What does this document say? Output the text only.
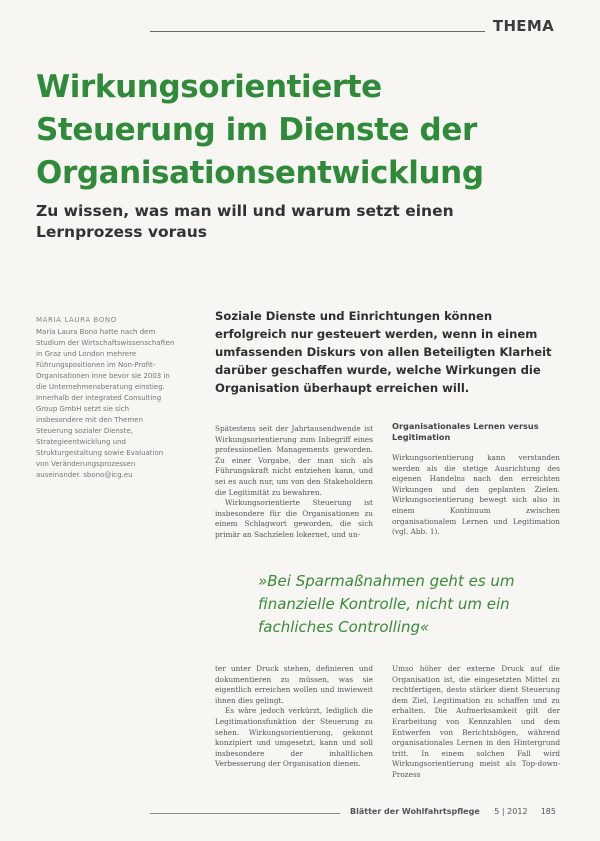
THEMA
Wirkungsorientierte Steuerung im Dienste der Organisationsentwicklung
Zu wissen, was man will und warum setzt einen Lernprozess voraus
MARIA LAURA BONO
Maria Laura Bono hatte nach dem Studium der Wirtschaftswissenschaften in Graz und London mehrere Führungspositionen im Non-Profit-Organisationen inne bevor sie 2003 in die Unternehmensberatung einstieg. Innerhalb der integrated Consulting Group GmbH setzt sie sich insbesondere mit den Themen Steuerung sozialer Dienste, Strategieentwicklung und Strukturgestaltung sowie Evaluation von Veränderungsprozessen auseinander. sbono@icg.eu

Soziale Dienste und Einrichtungen können erfolgreich nur gesteuert werden, wenn in einem umfassenden Diskurs von allen Beteiligten Klarheit darüber geschaffen wurde, welche Wirkungen die Organisation überhaupt erreichen will.

Spätestens seit der Jahrtausendwende ist Wirkungsorientierung zum Inbegriff eines professionellen Managements geworden. Zu einer Vorgabe, der man sich als Führungskraft nicht entziehen kann, und sei es auch nur, um von den Stakeholdern die Legitimität zu bewahren.

Wirkungsorientierte Steuerung ist insbesondere für die Organisationen zu einem Schlagwort geworden, die sich primär an Sachzielen lokernet, und un-

Organisationales Lernen versus Legitimation

Wirkungsorientierung kann verstanden werden als die stetige Ausrichtung des eigenen Handelns nach den erreichten Wirkungen und den geplanten Zielen. Wirkungsorientierung bewegt sich also in einem Kontinuum zwischen organisationalem Lernen und Legitimation (vgl. Abb. 1).

»Bei Sparmaßnahmen geht es um finanzielle Kontrolle, nicht um ein fachliches Controlling«

ter unter Druck stehen, definieren und dokumentieren zu müssen, was sie eigentlich erreichen wollen und inwieweit ihnen dies gelingt.

Es wäre jedoch verkürzt, lediglich die Legitimationsfunktion der Steuerung zu sehen. Wirkungsorientierung, gekonnt konzipiert und umgesetzt, kann und soll insbesondere der inhaltlichen Verbesserung der Organisation dienen.

Umso höher der externe Druck auf die Organisation ist, die eingesetzten Mittel zu rechtfertigen, desto stärker dient Steuerung dem Ziel, Legitimation zu schaffen und zu erhalten. Die Aufmerksamkeit gilt der Erarbeitung von Kennzahlen und dem Entwerfen von Berichtsbögen, während organisationales Lernen in den Hintergrund tritt. In einem solchen Fall wird Wirkungsorientierung meist als Top-down-Prozess

Blätter der Wohlfahrtspflege 5 | 2012 185
